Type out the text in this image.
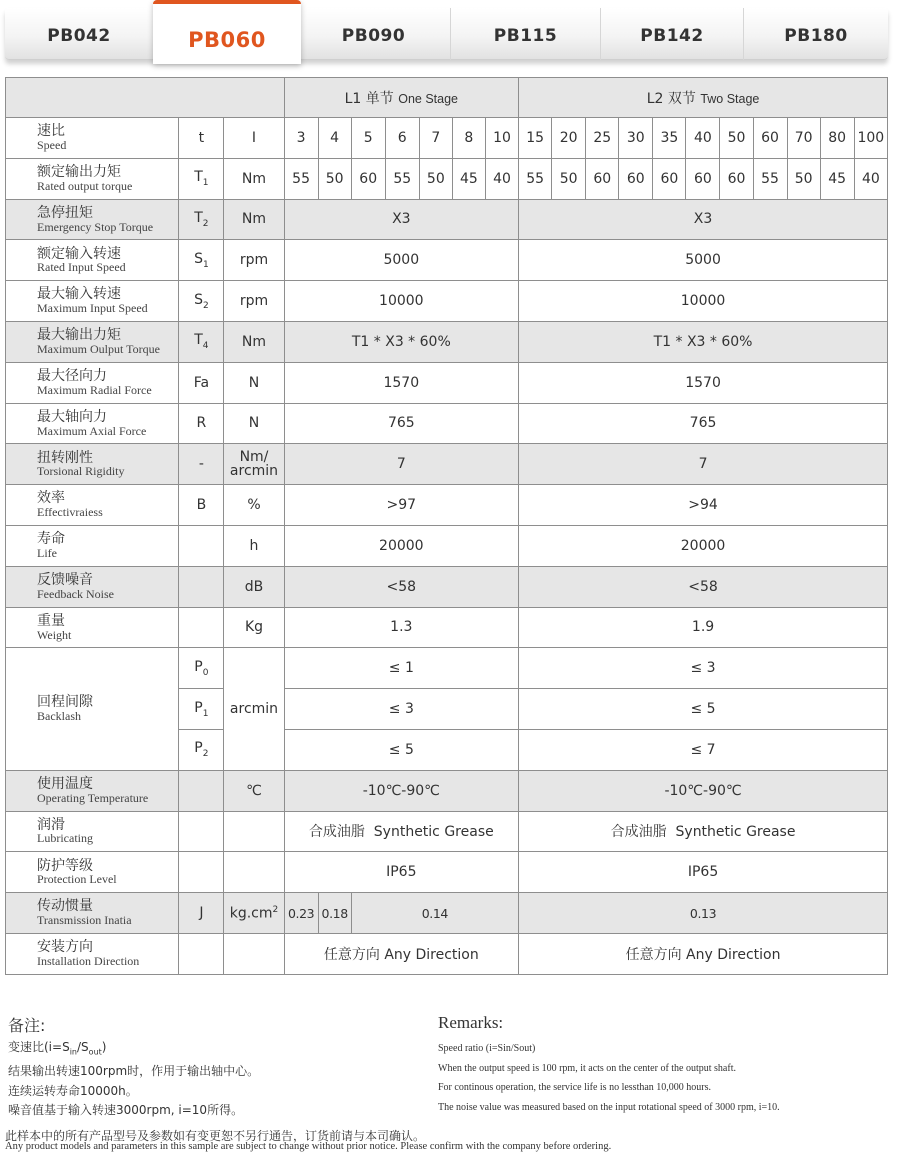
PB042	PB115	PB142	PB180
PB090
PB060
			L1 单节 One Stage							L2 双节 Two Stage										

速比
Speed	t	I	3	4	5	6	7	8	10	15	20	25	30	35	40	50	60	70	80	100

额定输出力矩
Rated output torque	$T_1$	Nm	55	50	60	55	50	45	40	55	50	60	60	60	60	60	55	50	45	40

急停扭矩
Emergency Stop Torque	$T_2$	Nm	X3							X3										

额定输入转速
Rated Input Speed	$S_1$	rpm	5000							5000										

最大输入转速
Maximum Input Speed	$S_2$	rpm	10000							10000										

最大输出力矩
Maximum Oulput Torque	$T_4$	Nm	T1 * X3 * 60%							T1 * X3 * 60%										

最大径向力
Maximum Radial Force	Fa	N	1570							1570										

最大轴向力
Maximum Axial Force	R	N	765							765										

扭转刚性
Torsional Rigidity	-	Nm/
arcmin	7							7										

效率
Effectivraiess	B	%	>97							>94										

寿命
Life		h	20000							20000										

反馈噪音
Feedback Noise		dB	<58							<58										

重量
Weight		Kg	1.3							1.9										

回程间隙
Backlash	$P_0$	arcmin	≤ 1							≤ 3										
	$P_1$		≤ 3							≤ 5										
	$P_2$		≤ 5							≤ 7										

使用温度
Operating Temperature		℃	-10℃-90℃							-10℃-90℃										

润滑
Lubricating			合成油脂 Synthetic Grease							合成油脂 Synthetic Grease										

防护等级
Protection Level			IP65							IP65										

传动惯量
Transmission Inatia	J	$kg.cm^2$	0.23	0.18	0.14					0.13										

安装方向
Installation Direction			任意方向 Any Direction							任意方向 Any Direction										
备注:
变速比$(i=S_{in}/S_{out})$
结果输出转速100rpm时，作用于输出轴中心。
连续运转寿命10000h。
噪音值基于输入转速3000rpm, i=10所得。
Remarks:
Speed ratio (i=Sin/Sout)
When the output speed is 100 rpm, it acts on the center of the output shaft.
For continous operation, the service life is no lessthan 10,000 hours.
The noise value was measured based on the input rotational speed of 3000 rpm, i=10.
此样本中的所有产品型号及参数如有变更恕不另行通告，订货前请与本司确认。
Any product models and parameters in this sample are subject to change without prior notice. Please confirm with the company before ordering.
